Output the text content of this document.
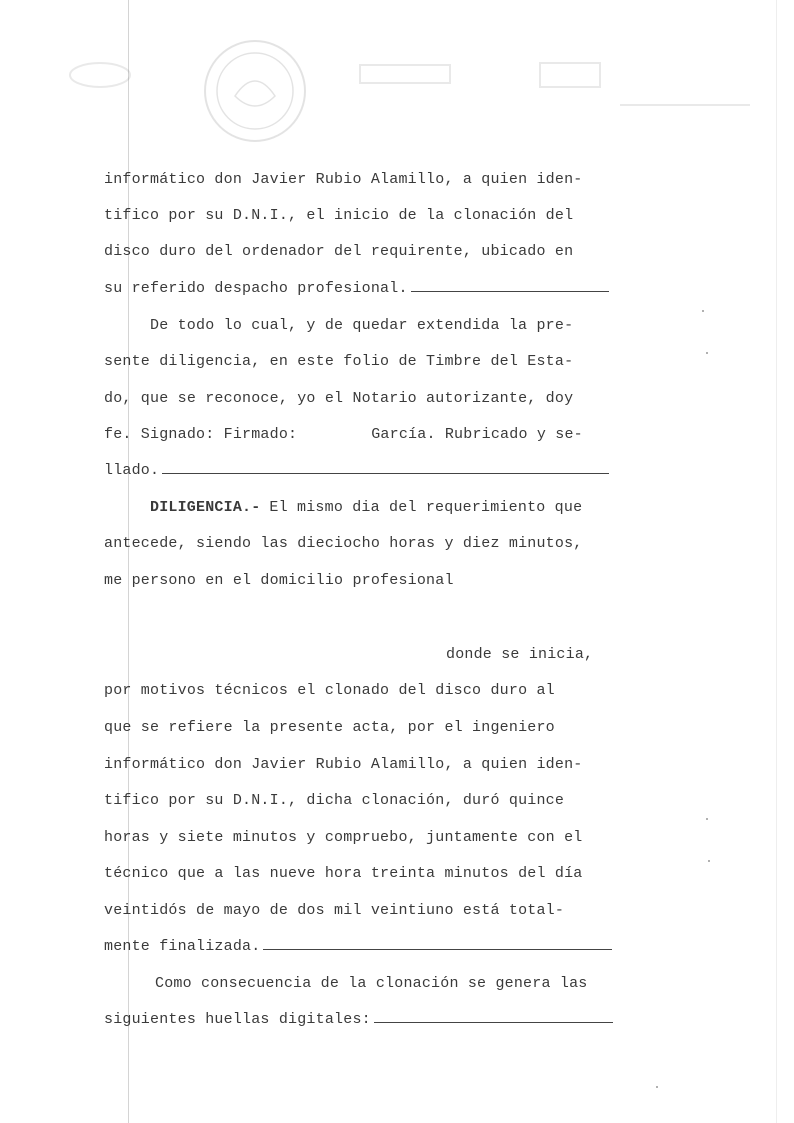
informático don Javier Rubio Alamillo, a quien iden-
tifico por su D.N.I., el inicio de la clonación del
disco duro del ordenador del requirente, ubicado en
su referido despacho profesional.
De todo lo cual, y de quedar extendida la pre-
sente diligencia, en este folio de Timbre del Esta-
do, que se reconoce, yo el Notario autorizante, doy
fe. Signado: Firmado:	García. Rubricado y se-
llado.
DILIGENCIA.- El mismo dia del requerimiento que
antecede, siendo las dieciocho horas y diez minutos,
me persono en el domicilio profesional
donde se inicia,
por motivos técnicos el clonado del disco duro al
que se refiere la presente acta, por el ingeniero
informático don Javier Rubio Alamillo, a quien iden-
tifico por su D.N.I., dicha clonación, duró quince
horas y siete minutos y compruebo, juntamente con el
técnico que a las nueve hora treinta minutos del día
veintidós de mayo de dos mil veintiuno está total-
mente finalizada.
Como consecuencia de la clonación se genera las
siguientes huellas digitales:
